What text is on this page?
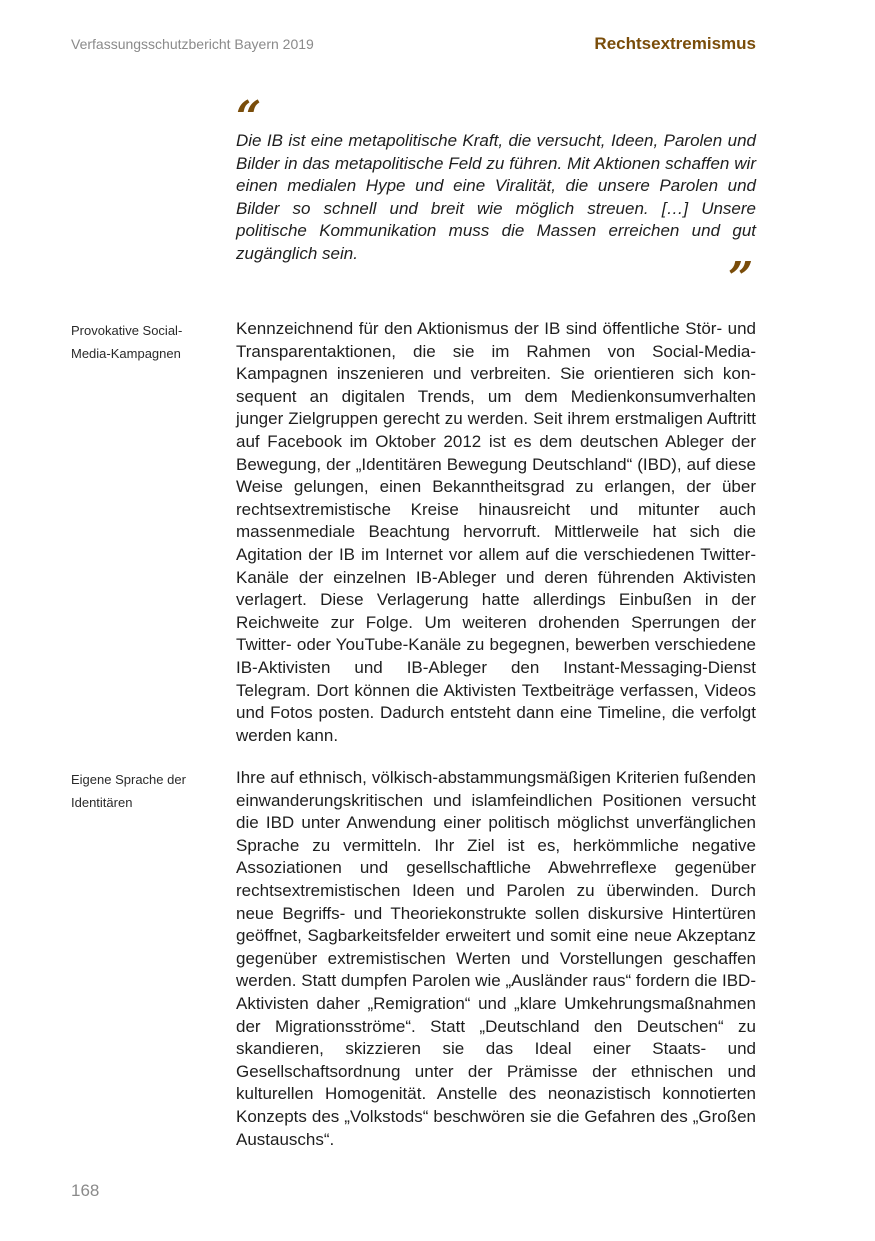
Verfassungsschutzbericht Bayern 2019	Rechtsextremismus
“
Die IB ist eine metapolitische Kraft, die versucht, Ideen, Parolen und Bilder in das metapolitische Feld zu führen. Mit Aktionen schaffen wir einen medialen Hype und eine Viralität, die unsere Parolen und Bilder so schnell und breit wie möglich streuen. […] Unsere politische Kommunikation muss die Massen erreichen und gut zugänglich sein.	”
Provokative Social-Media-Kampagnen
Kennzeichnend für den Aktionismus der IB sind öffentliche Stör- und Transparentaktionen, die sie im Rahmen von Social-Media-Kampagnen inszenieren und verbreiten. Sie orientieren sich konsequent an digitalen Trends, um dem Medienkonsumverhalten junger Zielgruppen gerecht zu werden. Seit ihrem erstmaligen Auftritt auf Facebook im Oktober 2012 ist es dem deutschen Ableger der Bewegung, der „Identitären Bewegung Deutschland“ (IBD), auf diese Weise gelungen, einen Bekanntheitsgrad zu erlangen, der über rechtsextremistische Kreise hinausreicht und mitunter auch massenmediale Beachtung hervorruft. Mittlerweile hat sich die Agitation der IB im Internet vor allem auf die verschiedenen Twitter-Kanäle der einzelnen IB-Ableger und deren führenden Aktivisten verlagert. Diese Verlagerung hatte allerdings Einbußen in der Reichweite zur Folge. Um weiteren drohenden Sperrungen der Twitter- oder YouTube-Kanäle zu begegnen, bewerben verschiedene IB-Aktivisten und IB-Ableger den Instant-Messaging-Dienst Telegram. Dort können die Aktivisten Textbeiträge verfassen, Videos und Fotos posten. Dadurch entsteht dann eine Timeline, die verfolgt werden kann.
Eigene Sprache der Identitären
Ihre auf ethnisch, völkisch-abstammungsmäßigen Kriterien fußenden einwanderungskritischen und islamfeindlichen Positionen versucht die IBD unter Anwendung einer politisch möglichst unverfänglichen Sprache zu vermitteln. Ihr Ziel ist es, herkömmliche negative Assoziationen und gesellschaftliche Abwehrreflexe gegenüber rechtsextremistischen Ideen und Parolen zu überwinden. Durch neue Begriffs- und Theoriekonstrukte sollen diskursive Hintertüren geöffnet, Sagbarkeitsfelder erweitert und somit eine neue Akzeptanz gegenüber extremistischen Werten und Vorstellungen geschaffen werden. Statt dumpfen Parolen wie „Ausländer raus“ fordern die IBD-Aktivisten daher „Remigration“ und „klare Umkehrungsmaßnahmen der Migrationsströme“. Statt „Deutschland den Deutschen“ zu skandieren, skizzieren sie das Ideal einer Staats- und Gesellschaftsordnung unter der Prämisse der ethnischen und kulturellen Homogenität. Anstelle des neonazistisch konnotierten Konzepts des „Volkstods“ beschwören sie die Gefahren des „Großen Austauschs“.
168
